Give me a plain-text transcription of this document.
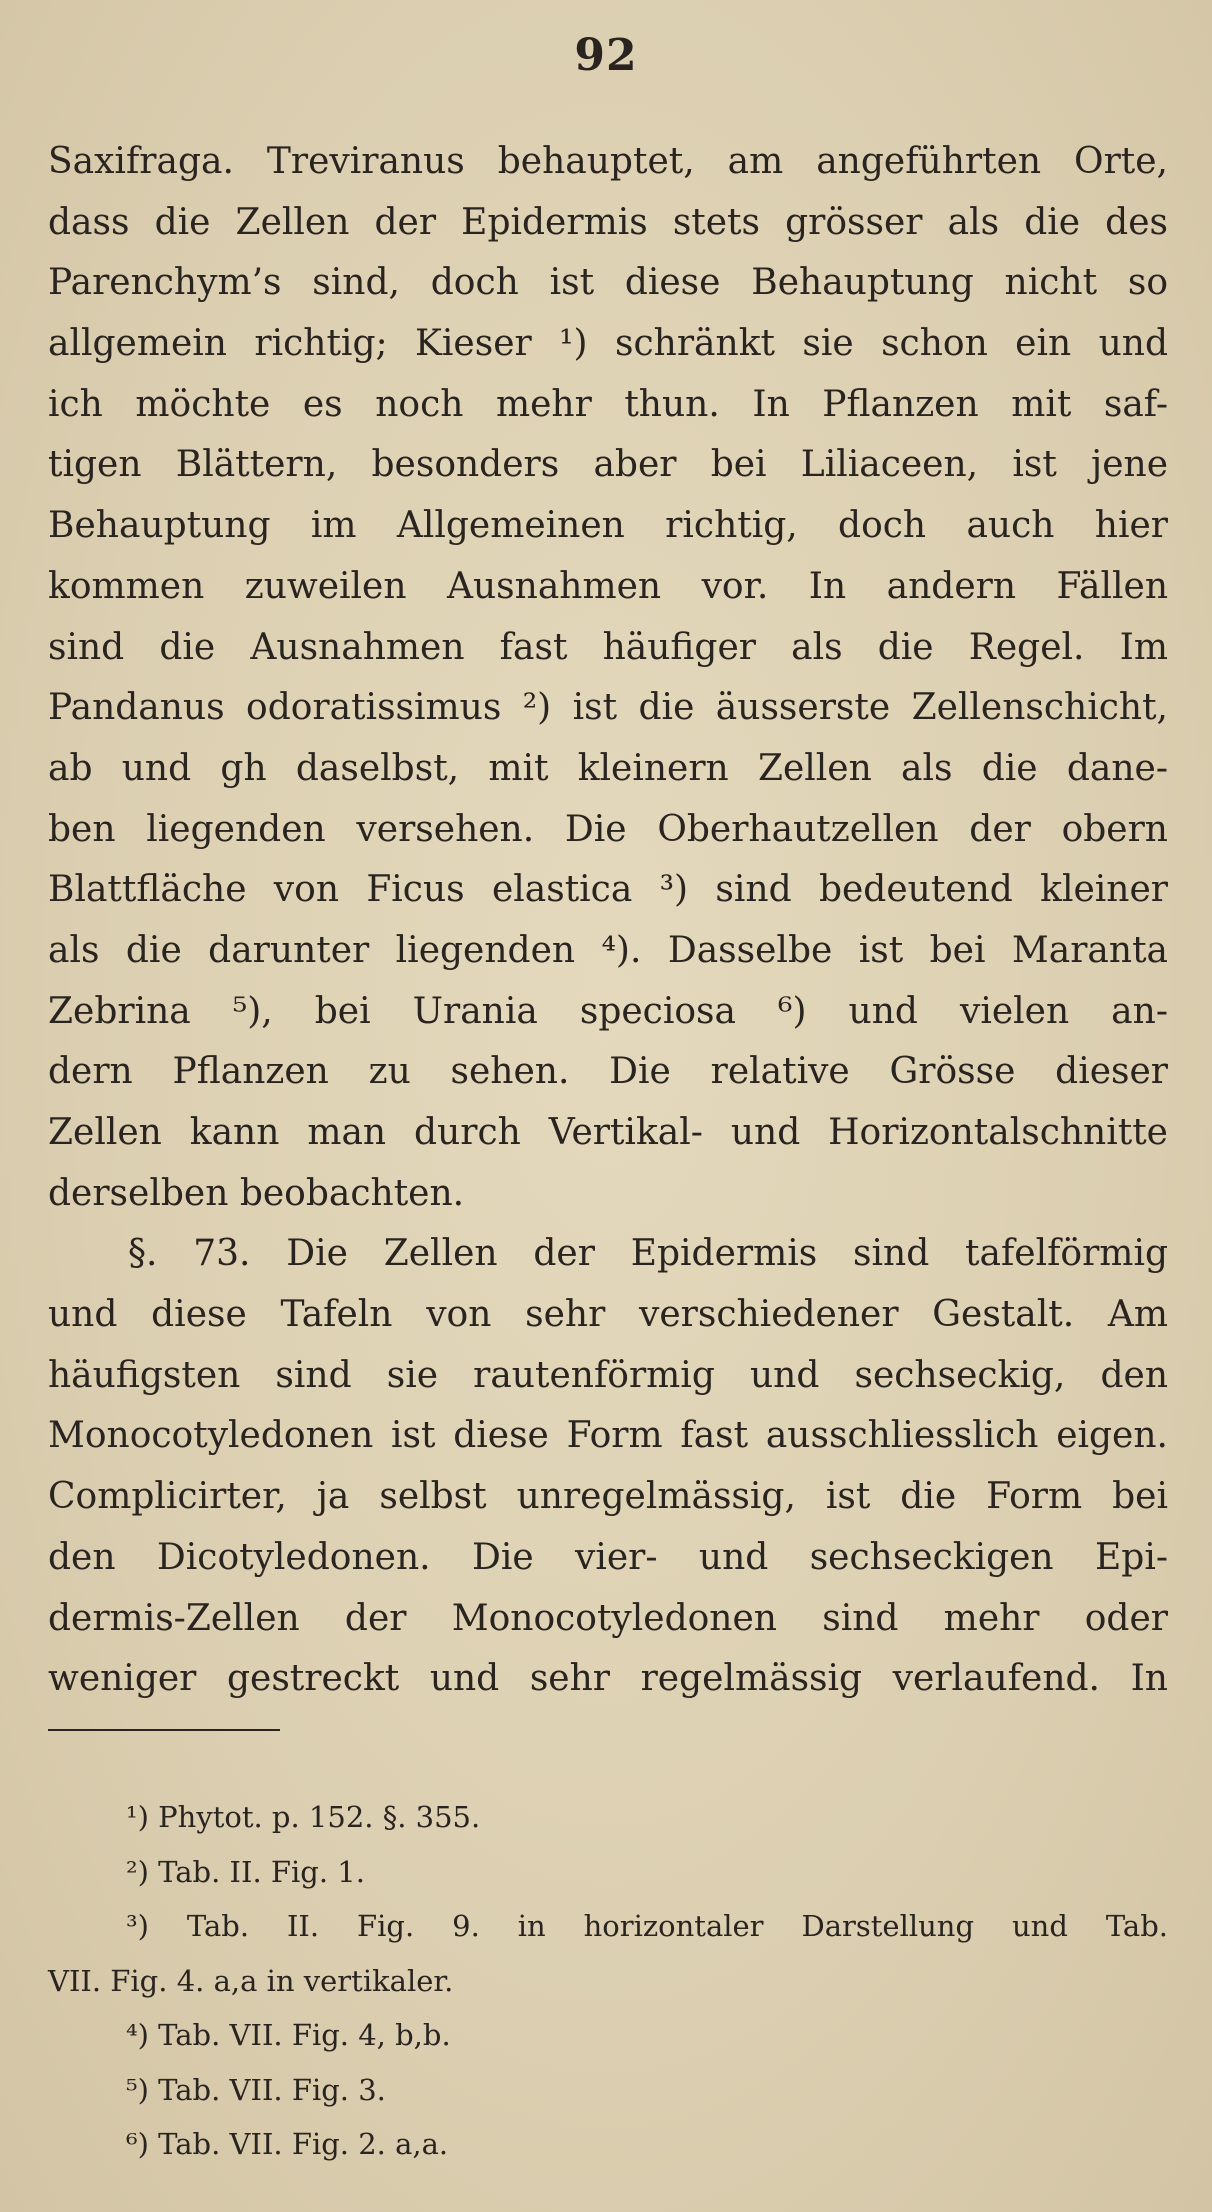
92
Saxifraga. Treviranus behauptet, am angeführten Orte,
dass die Zellen der Epidermis stets grösser als die des
Parenchym’s sind, doch ist diese Behauptung nicht so
allgemein richtig; Kieser ¹) schränkt sie schon ein und
ich möchte es noch mehr thun. In Pflanzen mit saf-
tigen Blättern, besonders aber bei Liliaceen, ist jene
Behauptung im Allgemeinen richtig, doch auch hier
kommen zuweilen Ausnahmen vor. In andern Fällen
sind die Ausnahmen fast häufiger als die Regel. Im
Pandanus odoratissimus ²) ist die äusserste Zellenschicht,
ab und gh daselbst, mit kleinern Zellen als die dane-
ben liegenden versehen. Die Oberhautzellen der obern
Blattfläche von Ficus elastica ³) sind bedeutend kleiner
als die darunter liegenden ⁴). Dasselbe ist bei Maranta
Zebrina ⁵), bei Urania speciosa ⁶) und vielen an-
dern Pflanzen zu sehen. Die relative Grösse dieser
Zellen kann man durch Vertikal- und Horizontalschnitte
derselben beobachten.
§. 73. Die Zellen der Epidermis sind tafelförmig
und diese Tafeln von sehr verschiedener Gestalt. Am
häufigsten sind sie rautenförmig und sechseckig, den
Monocotyledonen ist diese Form fast ausschliesslich eigen.
Complicirter, ja selbst unregelmässig, ist die Form bei
den Dicotyledonen. Die vier- und sechseckigen Epi-
dermis-Zellen der Monocotyledonen sind mehr oder
weniger gestreckt und sehr regelmässig verlaufend. In
¹) Phytot. p. 152. §. 355.
²) Tab. II. Fig. 1.
³) Tab. II. Fig. 9. in horizontaler Darstellung und Tab.
VII. Fig. 4. a,a in vertikaler.
⁴) Tab. VII. Fig. 4, b,b.
⁵) Tab. VII. Fig. 3.
⁶) Tab. VII. Fig. 2. a,a.
